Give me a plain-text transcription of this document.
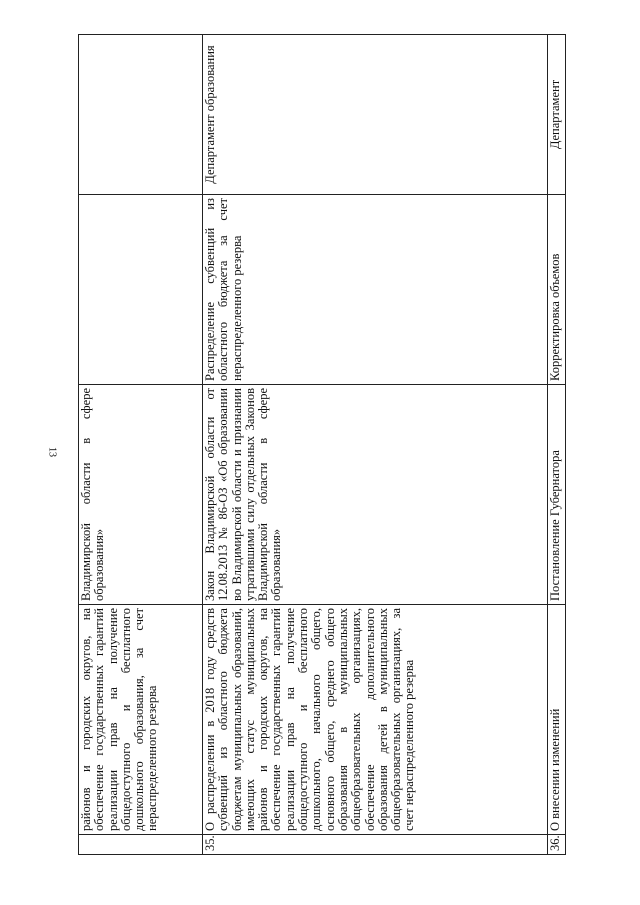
13
	районов и городских округов, на обеспечение государственных гарантий реализации прав на получение общедоступного и бесплатного дошкольного образования, за счет нераспределенного резерва	Владимирской области в сфере образования»		
35.	О распределении в 2018 году средств субвенций из областного бюджета бюджетам муниципальных образований, имеющих статус муниципальных районов и городских округов, на обеспечение государственных гарантий реализации прав на получение общедоступного и бесплатного дошкольного, начального общего, основного общего, среднего общего образования в муниципальных общеобразовательных организациях, обеспечение дополнительного образования детей в муниципальных общеобразовательных организациях, за счет нераспределенного резерва	Закон Владимирской области от 12.08.2013 № 86-ОЗ «Об образовании во Владимирской области и признании утратившими силу отдельных Законов Владимирской области в сфере образования»	Распределение субвенций из областного бюджета за счет нераспределенного резерва	Департамент образования
36.	О внесении изменений	Постановление Губернатора	Корректировка объемов	Департамент
